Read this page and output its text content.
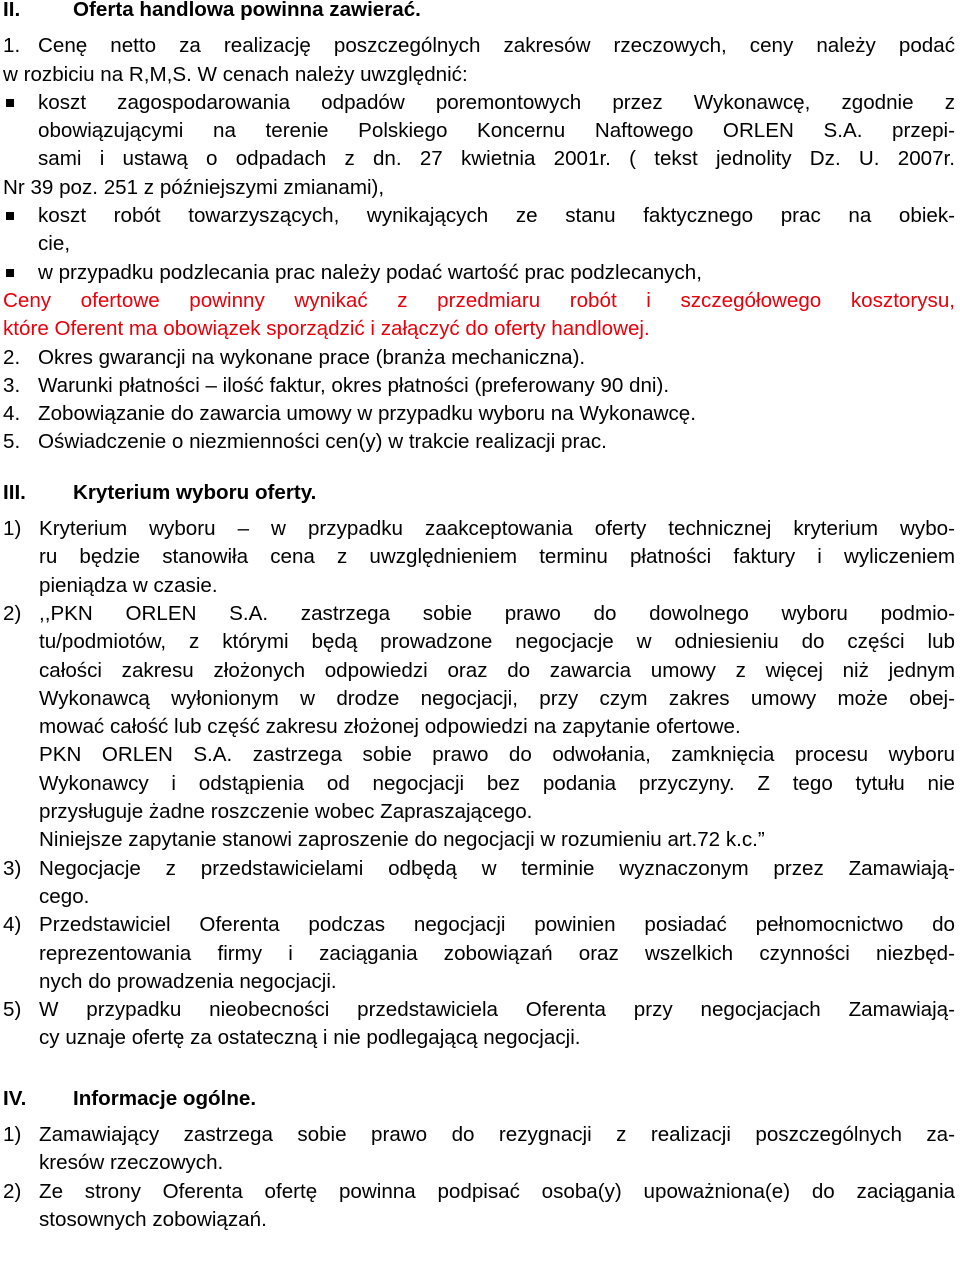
II.	Oferta handlowa powinna zawierać.
1. Cenę netto za realizację poszczególnych zakresów rzeczowych, ceny należy podać
w rozbiciu na R,M,S. W cenach należy uwzględnić:
koszt zagospodarowania odpadów poremontowych przez Wykonawcę, zgodnie z
obowiązującymi na terenie Polskiego Koncernu Naftowego ORLEN S.A. przepi-
sami i ustawą o odpadach z dn. 27 kwietnia 2001r. ( tekst jednolity Dz. U. 2007r.
Nr 39 poz. 251 z późniejszymi zmianami),
koszt robót towarzyszących, wynikających ze stanu faktycznego prac na obiek-
cie,
w przypadku podzlecania prac należy podać wartość prac podzlecanych,
Ceny ofertowe powinny wynikać z przedmiaru robót i szczegółowego kosztorysu,
które Oferent ma obowiązek sporządzić i załączyć do oferty handlowej.
2. Okres gwarancji na wykonane prace (branża mechaniczna).
3. Warunki płatności – ilość faktur, okres płatności (preferowany 90 dni).
4. Zobowiązanie do zawarcia umowy w przypadku wyboru na Wykonawcę.
5. Oświadczenie o niezmienności cen(y) w trakcie realizacji prac.
III.	Kryterium wyboru oferty.
1) Kryterium wyboru – w przypadku zaakceptowania oferty technicznej kryterium wybo-
ru będzie stanowiła cena z uwzględnieniem terminu płatności faktury i wyliczeniem
pieniądza w czasie.
2) ,,PKN ORLEN S.A. zastrzega sobie prawo do dowolnego wyboru podmio-
tu/podmiotów, z którymi będą prowadzone negocjacje w odniesieniu do części lub
całości zakresu złożonych odpowiedzi oraz do zawarcia umowy z więcej niż jednym
Wykonawcą wyłonionym w drodze negocjacji, przy czym zakres umowy może obej-
mować całość lub część zakresu złożonej odpowiedzi na zapytanie ofertowe.
PKN ORLEN S.A. zastrzega sobie prawo do odwołania, zamknięcia procesu wyboru
Wykonawcy i odstąpienia od negocjacji bez podania przyczyny. Z tego tytułu nie
przysługuje żadne roszczenie wobec Zapraszającego.
Niniejsze zapytanie stanowi zaproszenie do negocjacji w rozumieniu art.72 k.c.”
3) Negocjacje z przedstawicielami odbędą w terminie wyznaczonym przez Zamawiają-
cego.
4) Przedstawiciel Oferenta podczas negocjacji powinien posiadać pełnomocnictwo do
reprezentowania firmy i zaciągania zobowiązań oraz wszelkich czynności niezbęd-
nych do prowadzenia negocjacji.
5) W przypadku nieobecności przedstawiciela Oferenta przy negocjacjach Zamawiają-
cy uznaje ofertę za ostateczną i nie podlegającą negocjacji.
IV.	Informacje ogólne.
1) Zamawiający zastrzega sobie prawo do rezygnacji z realizacji poszczególnych za-
kresów rzeczowych.
2) Ze strony Oferenta ofertę powinna podpisać osoba(y) upoważniona(e) do zaciągania
stosownych zobowiązań.
